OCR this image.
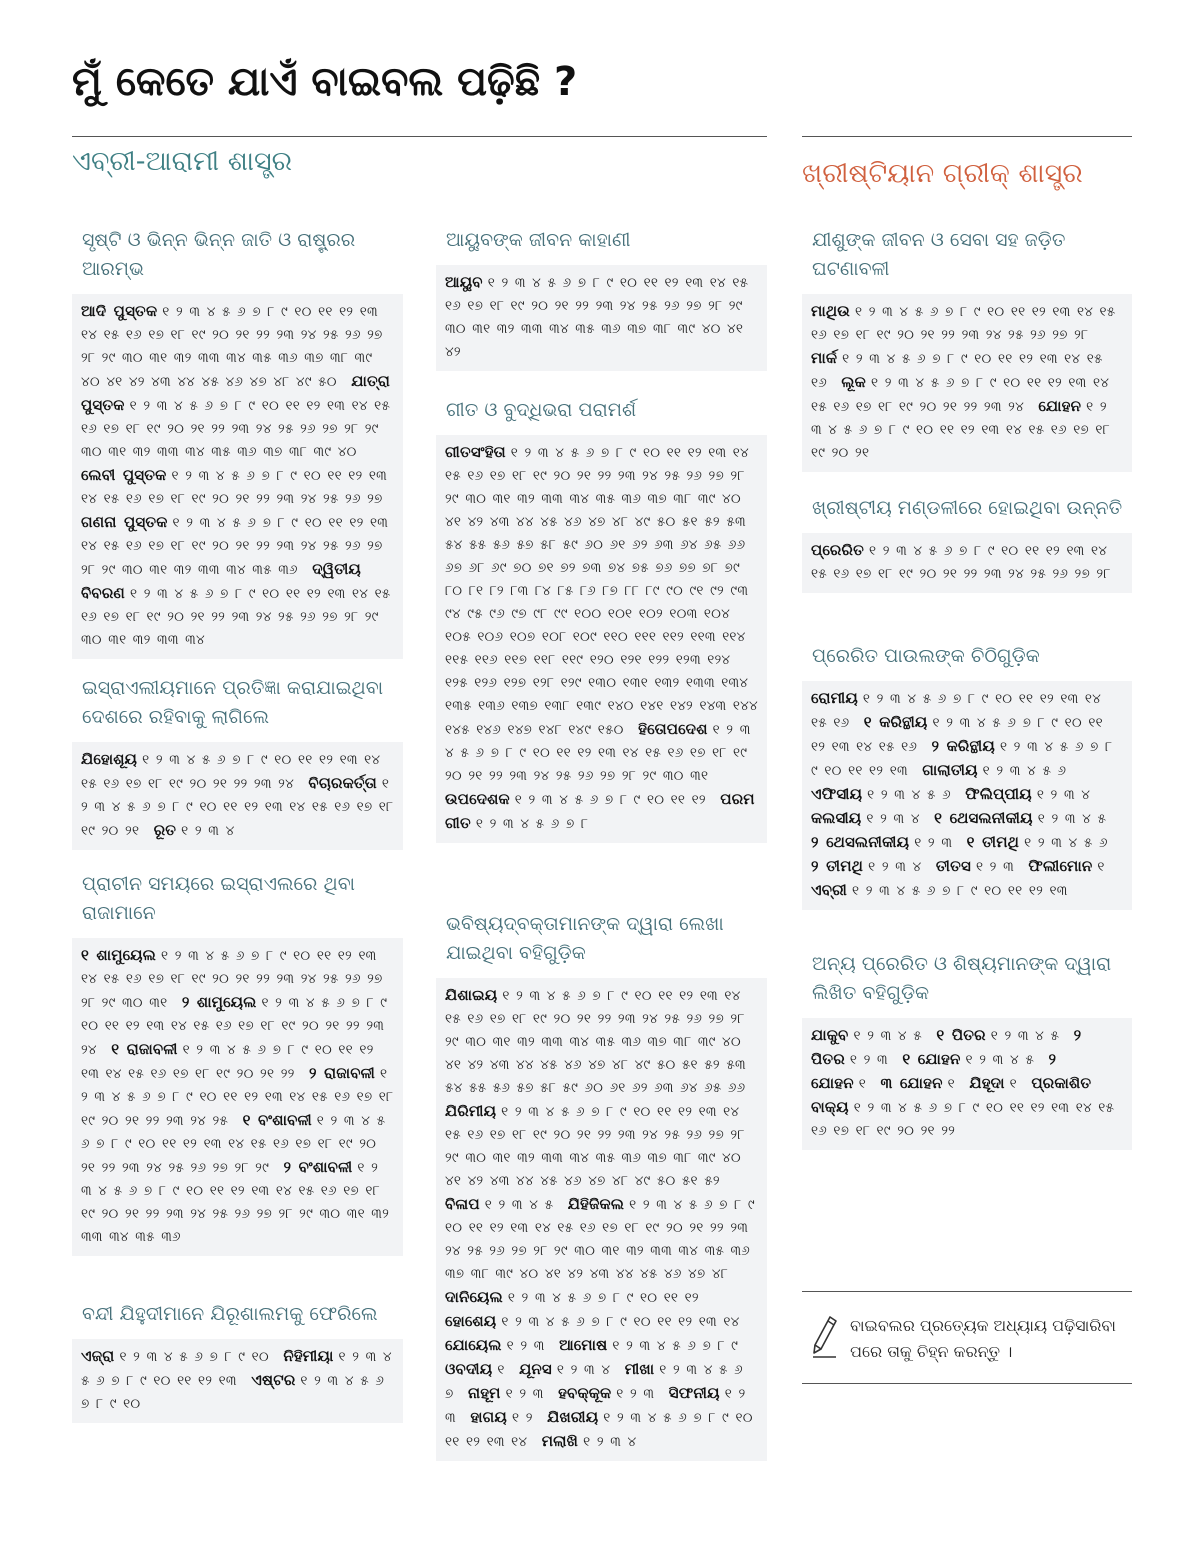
ମୁଁ କେତେ ଯାଏଁ ବାଇବଲ ପଢ଼ିଛି ?
ଏବ୍ରୀ-ଆରାମୀ ଶାସ୍ତ୍ର	ଖ୍ରୀଷ୍ଟିୟାନ ଗ୍ରୀକ୍‌ ଶାସ୍ତ୍ର
ସୃଷ୍ଟି ଓ ଭିନ୍ନ ଭିନ୍ନ ଜାତି ଓ ରାଷ୍ଟ୍ରର ଆରମ୍ଭ
ଆଦି ପୁସ୍ତକ ୧ ୨ ୩ ୪ ୫ ୬ ୭ ୮ ୯ ୧୦ ୧୧ ୧୨ ୧୩ ୧୪ ୧୫ ୧୬ ୧୭ ୧୮ ୧୯ ୨୦ ୨୧ ୨୨ ୨୩ ୨୪ ୨୫ ୨୬ ୨୭ ୨୮ ୨୯ ୩୦ ୩୧ ୩୨ ୩୩ ୩୪ ୩୫ ୩୬ ୩୭ ୩୮ ୩୯ ୪୦ ୪୧ ୪୨ ୪୩ ୪୪ ୪୫ ୪୬ ୪୭ ୪୮ ୪୯ ୫୦ ଯାତ୍ରା ପୁସ୍ତକ ୧ ୨ ୩ ୪ ୫ ୬ ୭ ୮ ୯ ୧୦ ୧୧ ୧୨ ୧୩ ୧୪ ୧୫ ୧୬ ୧୭ ୧୮ ୧୯ ୨୦ ୨୧ ୨୨ ୨୩ ୨୪ ୨୫ ୨୬ ୨୭ ୨୮ ୨୯ ୩୦ ୩୧ ୩୨ ୩୩ ୩୪ ୩୫ ୩୬ ୩୭ ୩୮ ୩୯ ୪୦ ଲେବୀ ପୁସ୍ତକ ୧ ୨ ୩ ୪ ୫ ୬ ୭ ୮ ୯ ୧୦ ୧୧ ୧୨ ୧୩ ୧୪ ୧୫ ୧୬ ୧୭ ୧୮ ୧୯ ୨୦ ୨୧ ୨୨ ୨୩ ୨୪ ୨୫ ୨୬ ୨୭ ଗଣନା ପୁସ୍ତକ ୧ ୨ ୩ ୪ ୫ ୬ ୭ ୮ ୯ ୧୦ ୧୧ ୧୨ ୧୩ ୧୪ ୧୫ ୧୬ ୧୭ ୧୮ ୧୯ ୨୦ ୨୧ ୨୨ ୨୩ ୨୪ ୨୫ ୨୬ ୨୭ ୨୮ ୨୯ ୩୦ ୩୧ ୩୨ ୩୩ ୩୪ ୩୫ ୩୬ ଦ୍ୱିତୀୟ ବିବରଣ ୧ ୨ ୩ ୪ ୫ ୬ ୭ ୮ ୯ ୧୦ ୧୧ ୧୨ ୧୩ ୧୪ ୧୫ ୧୬ ୧୭ ୧୮ ୧୯ ୨୦ ୨୧ ୨୨ ୨୩ ୨୪ ୨୫ ୨୬ ୨୭ ୨୮ ୨୯ ୩୦ ୩୧ ୩୨ ୩୩ ୩୪
ଇସ୍ରାଏଲୀୟମାନେ ପ୍ରତିଜ୍ଞା କରାଯାଇଥିବା ଦେଶରେ ରହିବାକୁ ଲାଗିଲେ
ଯିହୋଶୂୟ ୧ ୨ ୩ ୪ ୫ ୬ ୭ ୮ ୯ ୧୦ ୧୧ ୧୨ ୧୩ ୧୪ ୧୫ ୧୬ ୧୭ ୧୮ ୧୯ ୨୦ ୨୧ ୨୨ ୨୩ ୨୪ ବିଚାରକର୍ତ୍ତା ୧ ୨ ୩ ୪ ୫ ୬ ୭ ୮ ୯ ୧୦ ୧୧ ୧୨ ୧୩ ୧୪ ୧୫ ୧୬ ୧୭ ୧୮ ୧୯ ୨୦ ୨୧ ରୂତ ୧ ୨ ୩ ୪
ପ୍ରାଚୀନ ସମୟରେ ଇସ୍ରାଏଲରେ ଥିବା ରାଜାମାନେ
୧ ଶାମୁୟେଲ ୧ ୨ ୩ ୪ ୫ ୬ ୭ ୮ ୯ ୧୦ ୧୧ ୧୨ ୧୩ ୧୪ ୧୫ ୧୬ ୧୭ ୧୮ ୧୯ ୨୦ ୨୧ ୨୨ ୨୩ ୨୪ ୨୫ ୨୬ ୨୭ ୨୮ ୨୯ ୩୦ ୩୧ ୨ ଶାମୁୟେଲ ୧ ୨ ୩ ୪ ୫ ୬ ୭ ୮ ୯ ୧୦ ୧୧ ୧୨ ୧୩ ୧୪ ୧୫ ୧୬ ୧୭ ୧୮ ୧୯ ୨୦ ୨୧ ୨୨ ୨୩ ୨୪ ୧ ରାଜାବଳୀ ୧ ୨ ୩ ୪ ୫ ୬ ୭ ୮ ୯ ୧୦ ୧୧ ୧୨ ୧୩ ୧୪ ୧୫ ୧୬ ୧୭ ୧୮ ୧୯ ୨୦ ୨୧ ୨୨ ୨ ରାଜାବଳୀ ୧ ୨ ୩ ୪ ୫ ୬ ୭ ୮ ୯ ୧୦ ୧୧ ୧୨ ୧୩ ୧୪ ୧୫ ୧୬ ୧୭ ୧୮ ୧୯ ୨୦ ୨୧ ୨୨ ୨୩ ୨୪ ୨୫ ୧ ବଂଶାବଳୀ ୧ ୨ ୩ ୪ ୫ ୬ ୭ ୮ ୯ ୧୦ ୧୧ ୧୨ ୧୩ ୧୪ ୧୫ ୧୬ ୧୭ ୧୮ ୧୯ ୨୦ ୨୧ ୨୨ ୨୩ ୨୪ ୨୫ ୨୬ ୨୭ ୨୮ ୨୯ ୨ ବଂଶାବଳୀ ୧ ୨ ୩ ୪ ୫ ୬ ୭ ୮ ୯ ୧୦ ୧୧ ୧୨ ୧୩ ୧୪ ୧୫ ୧୬ ୧୭ ୧୮ ୧୯ ୨୦ ୨୧ ୨୨ ୨୩ ୨୪ ୨୫ ୨୬ ୨୭ ୨୮ ୨୯ ୩୦ ୩୧ ୩୨ ୩୩ ୩୪ ୩୫ ୩୬
ବନ୍ଦୀ ଯିହୁଦୀମାନେ ଯିରୂଶାଲମକୁ ଫେରିଲେ
ଏଜ୍ରା ୧ ୨ ୩ ୪ ୫ ୬ ୭ ୮ ୯ ୧୦ ନିହିମୀୟା ୧ ୨ ୩ ୪ ୫ ୬ ୭ ୮ ୯ ୧୦ ୧୧ ୧୨ ୧୩ ଏଷ୍ଟର ୧ ୨ ୩ ୪ ୫ ୬ ୭ ୮ ୯ ୧୦
ଆୟୁବଙ୍କ ଜୀବନ କାହାଣୀ
ଆୟୁବ ୧ ୨ ୩ ୪ ୫ ୬ ୭ ୮ ୯ ୧୦ ୧୧ ୧୨ ୧୩ ୧୪ ୧୫ ୧୬ ୧୭ ୧୮ ୧୯ ୨୦ ୨୧ ୨୨ ୨୩ ୨୪ ୨୫ ୨୬ ୨୭ ୨୮ ୨୯ ୩୦ ୩୧ ୩୨ ୩୩ ୩୪ ୩୫ ୩୬ ୩୭ ୩୮ ୩୯ ୪୦ ୪୧ ୪୨
ଗୀତ ଓ ବୁଦ୍ଧିଭରା ପରାମର୍ଶ
ଗୀତସଂହିତା ୧ ୨ ୩ ୪ ୫ ୬ ୭ ୮ ୯ ୧୦ ୧୧ ୧୨ ୧୩ ୧୪ ୧୫ ୧୬ ୧୭ ୧୮ ୧୯ ୨୦ ୨୧ ୨୨ ୨୩ ୨୪ ୨୫ ୨୬ ୨୭ ୨୮ ୨୯ ୩୦ ୩୧ ୩୨ ୩୩ ୩୪ ୩୫ ୩୬ ୩୭ ୩୮ ୩୯ ୪୦ ୪୧ ୪୨ ୪୩ ୪୪ ୪୫ ୪୬ ୪୭ ୪୮ ୪୯ ୫୦ ୫୧ ୫୨ ୫୩ ୫୪ ୫୫ ୫୬ ୫୭ ୫୮ ୫୯ ୬୦ ୬୧ ୬୨ ୬୩ ୬୪ ୬୫ ୬୬ ୬୭ ୬୮ ୬୯ ୭୦ ୭୧ ୭୨ ୭୩ ୭୪ ୭୫ ୭୬ ୭୭ ୭୮ ୭୯ ୮୦ ୮୧ ୮୨ ୮୩ ୮୪ ୮୫ ୮୬ ୮୭ ୮୮ ୮୯ ୯୦ ୯୧ ୯୨ ୯୩ ୯୪ ୯୫ ୯୬ ୯୭ ୯୮ ୯୯ ୧୦୦ ୧୦୧ ୧୦୨ ୧୦୩ ୧୦୪ ୧୦୫ ୧୦୬ ୧୦୭ ୧୦୮ ୧୦୯ ୧୧୦ ୧୧୧ ୧୧୨ ୧୧୩ ୧୧୪ ୧୧୫ ୧୧୬ ୧୧୭ ୧୧୮ ୧୧୯ ୧୨୦ ୧୨୧ ୧୨୨ ୧୨୩ ୧୨୪ ୧୨୫ ୧୨୬ ୧୨୭ ୧୨୮ ୧୨୯ ୧୩୦ ୧୩୧ ୧୩୨ ୧୩୩ ୧୩୪ ୧୩୫ ୧୩୬ ୧୩୭ ୧୩୮ ୧୩୯ ୧୪୦ ୧୪୧ ୧୪୨ ୧୪୩ ୧୪୪ ୧୪୫ ୧୪୬ ୧୪୭ ୧୪୮ ୧୪୯ ୧୫୦ ହିତୋପଦେଶ ୧ ୨ ୩ ୪ ୫ ୬ ୭ ୮ ୯ ୧୦ ୧୧ ୧୨ ୧୩ ୧୪ ୧୫ ୧୬ ୧୭ ୧୮ ୧୯ ୨୦ ୨୧ ୨୨ ୨୩ ୨୪ ୨୫ ୨୬ ୨୭ ୨୮ ୨୯ ୩୦ ୩୧ ଉପଦେଶକ ୧ ୨ ୩ ୪ ୫ ୬ ୭ ୮ ୯ ୧୦ ୧୧ ୧୨ ପରମ ଗୀତ ୧ ୨ ୩ ୪ ୫ ୬ ୭ ୮
ଭବିଷ୍ୟଦ୍‌ବକ୍ତାମାନଙ୍କ ଦ୍ୱାରା ଲେଖା ଯାଇଥିବା ବହିଗୁଡ଼ିକ
ଯିଶାଇୟ ୧ ୨ ୩ ୪ ୫ ୬ ୭ ୮ ୯ ୧୦ ୧୧ ୧୨ ୧୩ ୧୪ ୧୫ ୧୬ ୧୭ ୧୮ ୧୯ ୨୦ ୨୧ ୨୨ ୨୩ ୨୪ ୨୫ ୨୬ ୨୭ ୨୮ ୨୯ ୩୦ ୩୧ ୩୨ ୩୩ ୩୪ ୩୫ ୩୬ ୩୭ ୩୮ ୩୯ ୪୦ ୪୧ ୪୨ ୪୩ ୪୪ ୪୫ ୪୬ ୪୭ ୪୮ ୪୯ ୫୦ ୫୧ ୫୨ ୫୩ ୫୪ ୫୫ ୫୬ ୫୭ ୫୮ ୫୯ ୬୦ ୬୧ ୬୨ ୬୩ ୬୪ ୬୫ ୬୬ ଯିରିମୀୟ ୧ ୨ ୩ ୪ ୫ ୬ ୭ ୮ ୯ ୧୦ ୧୧ ୧୨ ୧୩ ୧୪ ୧୫ ୧୬ ୧୭ ୧୮ ୧୯ ୨୦ ୨୧ ୨୨ ୨୩ ୨୪ ୨୫ ୨୬ ୨୭ ୨୮ ୨୯ ୩୦ ୩୧ ୩୨ ୩୩ ୩୪ ୩୫ ୩୬ ୩୭ ୩୮ ୩୯ ୪୦ ୪୧ ୪୨ ୪୩ ୪୪ ୪୫ ୪୬ ୪୭ ୪୮ ୪୯ ୫୦ ୫୧ ୫୨ ବିଳାପ ୧ ୨ ୩ ୪ ୫ ଯିହିଜିକଲ ୧ ୨ ୩ ୪ ୫ ୬ ୭ ୮ ୯ ୧୦ ୧୧ ୧୨ ୧୩ ୧୪ ୧୫ ୧୬ ୧୭ ୧୮ ୧୯ ୨୦ ୨୧ ୨୨ ୨୩ ୨୪ ୨୫ ୨୬ ୨୭ ୨୮ ୨୯ ୩୦ ୩୧ ୩୨ ୩୩ ୩୪ ୩୫ ୩୬ ୩୭ ୩୮ ୩୯ ୪୦ ୪୧ ୪୨ ୪୩ ୪୪ ୪୫ ୪୬ ୪୭ ୪୮ ଦାନିୟେଲ ୧ ୨ ୩ ୪ ୫ ୬ ୭ ୮ ୯ ୧୦ ୧୧ ୧୨ ହୋଶେୟ ୧ ୨ ୩ ୪ ୫ ୬ ୭ ୮ ୯ ୧୦ ୧୧ ୧୨ ୧୩ ୧୪ ଯୋୟେଲ ୧ ୨ ୩ ଆମୋଷ ୧ ୨ ୩ ୪ ୫ ୬ ୭ ୮ ୯ ଓବଦୀୟ ୧ ଯୂନସ ୧ ୨ ୩ ୪ ମୀଖା ୧ ୨ ୩ ୪ ୫ ୬ ୭ ନାହୂମ ୧ ୨ ୩ ହବକ୍‌କୂକ ୧ ୨ ୩ ସିଫନୀୟ ୧ ୨ ୩ ହାଗୟ ୧ ୨ ଯିଖରୀୟ ୧ ୨ ୩ ୪ ୫ ୬ ୭ ୮ ୯ ୧୦ ୧୧ ୧୨ ୧୩ ୧୪ ମଲାଖି ୧ ୨ ୩ ୪
ଯୀଶୁଙ୍କ ଜୀବନ ଓ ସେବା ସହ ଜଡ଼ିତ ଘଟଣାବଳୀ
ମାଥିଉ ୧ ୨ ୩ ୪ ୫ ୬ ୭ ୮ ୯ ୧୦ ୧୧ ୧୨ ୧୩ ୧୪ ୧୫ ୧୬ ୧୭ ୧୮ ୧୯ ୨୦ ୨୧ ୨୨ ୨୩ ୨୪ ୨୫ ୨୬ ୨୭ ୨୮ ମାର୍କ ୧ ୨ ୩ ୪ ୫ ୬ ୭ ୮ ୯ ୧୦ ୧୧ ୧୨ ୧୩ ୧୪ ୧୫ ୧୬ ଲୂକ ୧ ୨ ୩ ୪ ୫ ୬ ୭ ୮ ୯ ୧୦ ୧୧ ୧୨ ୧୩ ୧୪ ୧୫ ୧୬ ୧୭ ୧୮ ୧୯ ୨୦ ୨୧ ୨୨ ୨୩ ୨୪ ଯୋହନ ୧ ୨ ୩ ୪ ୫ ୬ ୭ ୮ ୯ ୧୦ ୧୧ ୧୨ ୧୩ ୧୪ ୧୫ ୧୬ ୧୭ ୧୮ ୧୯ ୨୦ ୨୧
ଖ୍ରୀଷ୍ଟୀୟ ମଣ୍ଡଳୀରେ ହୋଇଥିବା ଉନ୍ନତି
ପ୍ରେରିତ ୧ ୨ ୩ ୪ ୫ ୬ ୭ ୮ ୯ ୧୦ ୧୧ ୧୨ ୧୩ ୧୪ ୧୫ ୧୬ ୧୭ ୧୮ ୧୯ ୨୦ ୨୧ ୨୨ ୨୩ ୨୪ ୨୫ ୨୬ ୨୭ ୨୮
ପ୍ରେରିତ ପାଉଲଙ୍କ ଚିଠିଗୁଡ଼ିକ
ରୋମୀୟ ୧ ୨ ୩ ୪ ୫ ୬ ୭ ୮ ୯ ୧୦ ୧୧ ୧୨ ୧୩ ୧୪ ୧୫ ୧୬ ୧ କରିନ୍ଥୀୟ ୧ ୨ ୩ ୪ ୫ ୬ ୭ ୮ ୯ ୧୦ ୧୧ ୧୨ ୧୩ ୧୪ ୧୫ ୧୬ ୨ କରିନ୍ଥୀୟ ୧ ୨ ୩ ୪ ୫ ୬ ୭ ୮ ୯ ୧୦ ୧୧ ୧୨ ୧୩ ଗାଲାତୀୟ ୧ ୨ ୩ ୪ ୫ ୬ ଏଫିସୀୟ ୧ ୨ ୩ ୪ ୫ ୬ ଫିଲିପ୍ପୀୟ ୧ ୨ ୩ ୪ କଲସୀୟ ୧ ୨ ୩ ୪ ୧ ଥେସଲନୀକୀୟ ୧ ୨ ୩ ୪ ୫ ୨ ଥେସଲନୀକୀୟ ୧ ୨ ୩ ୧ ତୀମଥି ୧ ୨ ୩ ୪ ୫ ୬ ୨ ତୀମଥି ୧ ୨ ୩ ୪ ତୀତସ ୧ ୨ ୩ ଫିଲୀମୋନ ୧ ଏବ୍ରୀ ୧ ୨ ୩ ୪ ୫ ୬ ୭ ୮ ୯ ୧୦ ୧୧ ୧୨ ୧୩
ଅନ୍ୟ ପ୍ରେରିତ ଓ ଶିଷ୍ୟମାନଙ୍କ ଦ୍ୱାରା ଲିଖିତ ବହିଗୁଡ଼ିକ
ଯାକୁବ ୧ ୨ ୩ ୪ ୫ ୧ ପିତର ୧ ୨ ୩ ୪ ୫ ୨ ପିତର ୧ ୨ ୩ ୧ ଯୋହନ ୧ ୨ ୩ ୪ ୫ ୨ ଯୋହନ ୧ ୩ ଯୋହନ ୧ ଯିହୂଦା ୧ ପ୍ରକାଶିତ ବାକ୍ୟ ୧ ୨ ୩ ୪ ୫ ୬ ୭ ୮ ୯ ୧୦ ୧୧ ୧୨ ୧୩ ୧୪ ୧୫ ୧୬ ୧୭ ୧୮ ୧୯ ୨୦ ୨୧ ୨୨
ବାଇବଲର ପ୍ରତ୍ୟେକ ଅଧ୍ୟାୟ ପଢ଼ିସାରିବା ପରେ ତାକୁ ଚିହ୍ନ କରନ୍ତୁ ।
